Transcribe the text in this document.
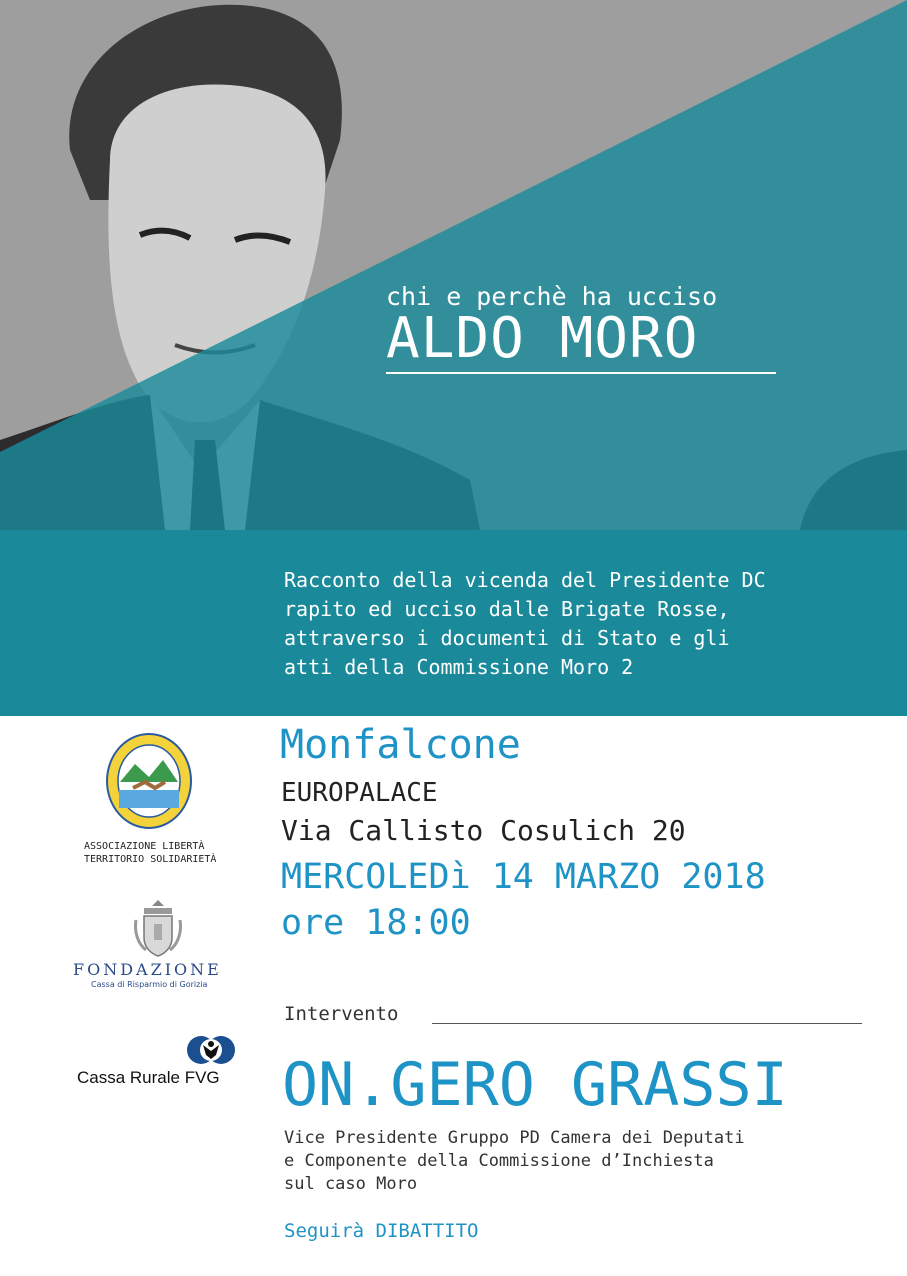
chi e perchè ha ucciso
ALDO MORO
Racconto della vicenda del Presidente DC
rapito ed ucciso dalle Brigate Rosse,
attraverso i documenti di Stato e gli
atti della Commissione Moro 2
Monfalcone
EUROPALACE
Via Callisto Cosulich 20
MERCOLEDì 14 MARZO 2018
ore 18:00
Intervento
ON.GERO GRASSI
Vice Presidente Gruppo PD Camera dei Deputati
e Componente della Commissione d’Inchiesta
sul caso Moro
Seguirà DIBATTITO
ASSOCIAZIONE LIBERTÀ
TERRITORIO SOLIDARIETÀ
FONDAZIONE
Cassa di Risparmio di Gorizia
Cassa Rurale FVG
